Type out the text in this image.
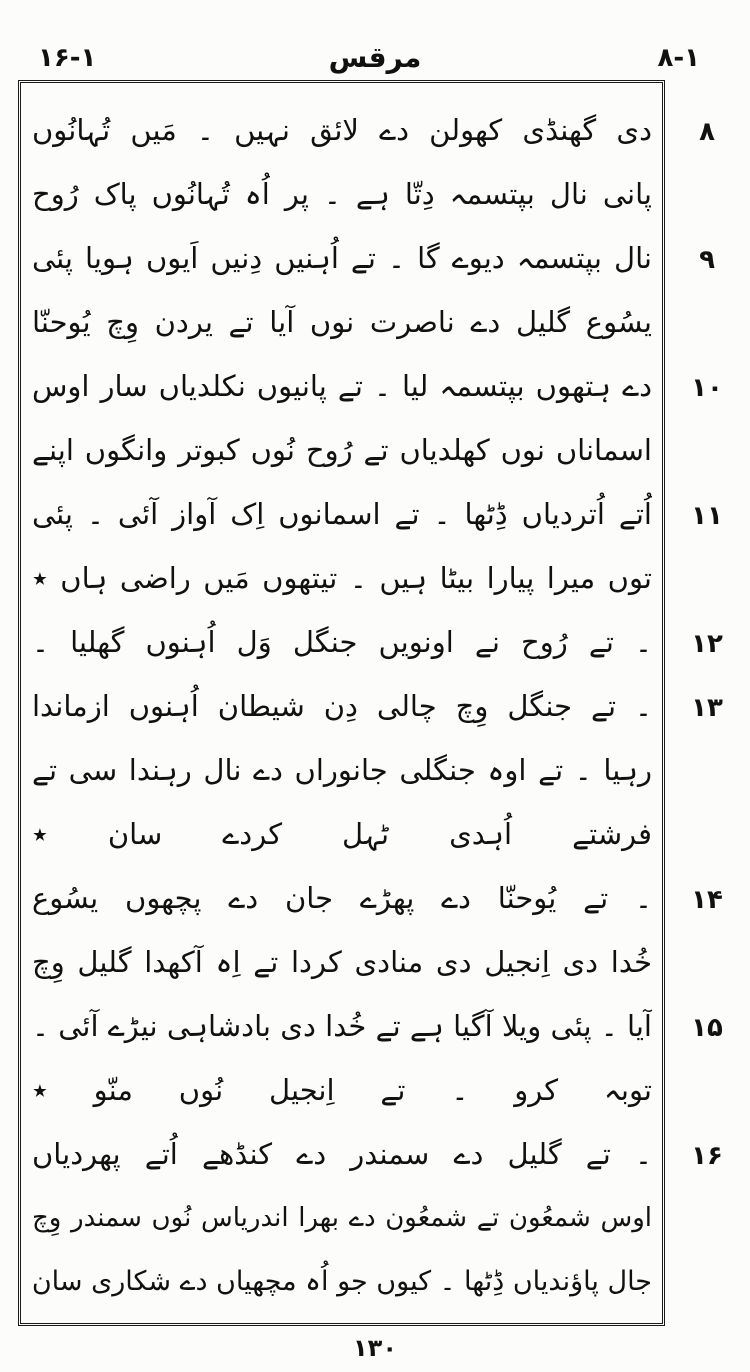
۱۶-۱	مرقس	۸-۱
دی گھنڈی کھولن دے لائق نہیں ۔ مَیں تُہانُوں
پانی نال بپتسمہ دِتّا ہے ۔ پر اُہ تُہانُوں پاک رُوح
نال بپتسمہ دیوے گا ۔ تے اُہنیں دِنیں اَیوں ہویا پئی
یسُوع گلیل دے ناصرت نوں آیا تے یردن وِچ یُوحنّا
دے ہتھوں بپتسمہ لیا ۔ تے پانیوں نکلدیاں سار اوس
اسماناں نوں کھلدیاں تے رُوح نُوں کبوتر وانگوں اپنے
اُتے اُتردیاں ڈِٹھا ۔ تے اسمانوں اِک آواز آئی ۔ پئی
توں میرا پیارا بیٹا ہیں ۔ تیتھوں مَیں راضی ہاں ٭
۔ تے رُوح نے اونویں جنگل وَل اُہنوں گھلیا ۔
۔ تے جنگل وِچ چالی دِن شیطان اُہنوں ازماندا
رہیا ۔ تے اوہ جنگلی جانوراں دے نال رہندا سی تے
فرشتے اُہدی ٹہل کردے سان ٭
۔ تے یُوحنّا دے پھڑے جان دے پچھوں یسُوع
خُدا دی اِنجیل دی منادی کردا تے اِہ آکھدا گلیل وِچ
آیا ۔ پئی ویلا آگیا ہے تے خُدا دی بادشاہی نیڑے آئی ۔
توبہ کرو ۔ تے اِنجیل نُوں منّو ٭
۔ تے گلیل دے سمندر دے کنڈھے اُتے پھردیاں
اوس شمعُون تے شمعُون دے بھرا اندریاس نُوں سمندر وِچ
جال پاؤندیاں ڈِٹھا ۔ کیوں جو اُہ مچھیاں دے شکاری سان
۸
۹
۱۰
۱۱
۱۲
۱۳
۱۴
۱۵
۱۶
۱۳۰
